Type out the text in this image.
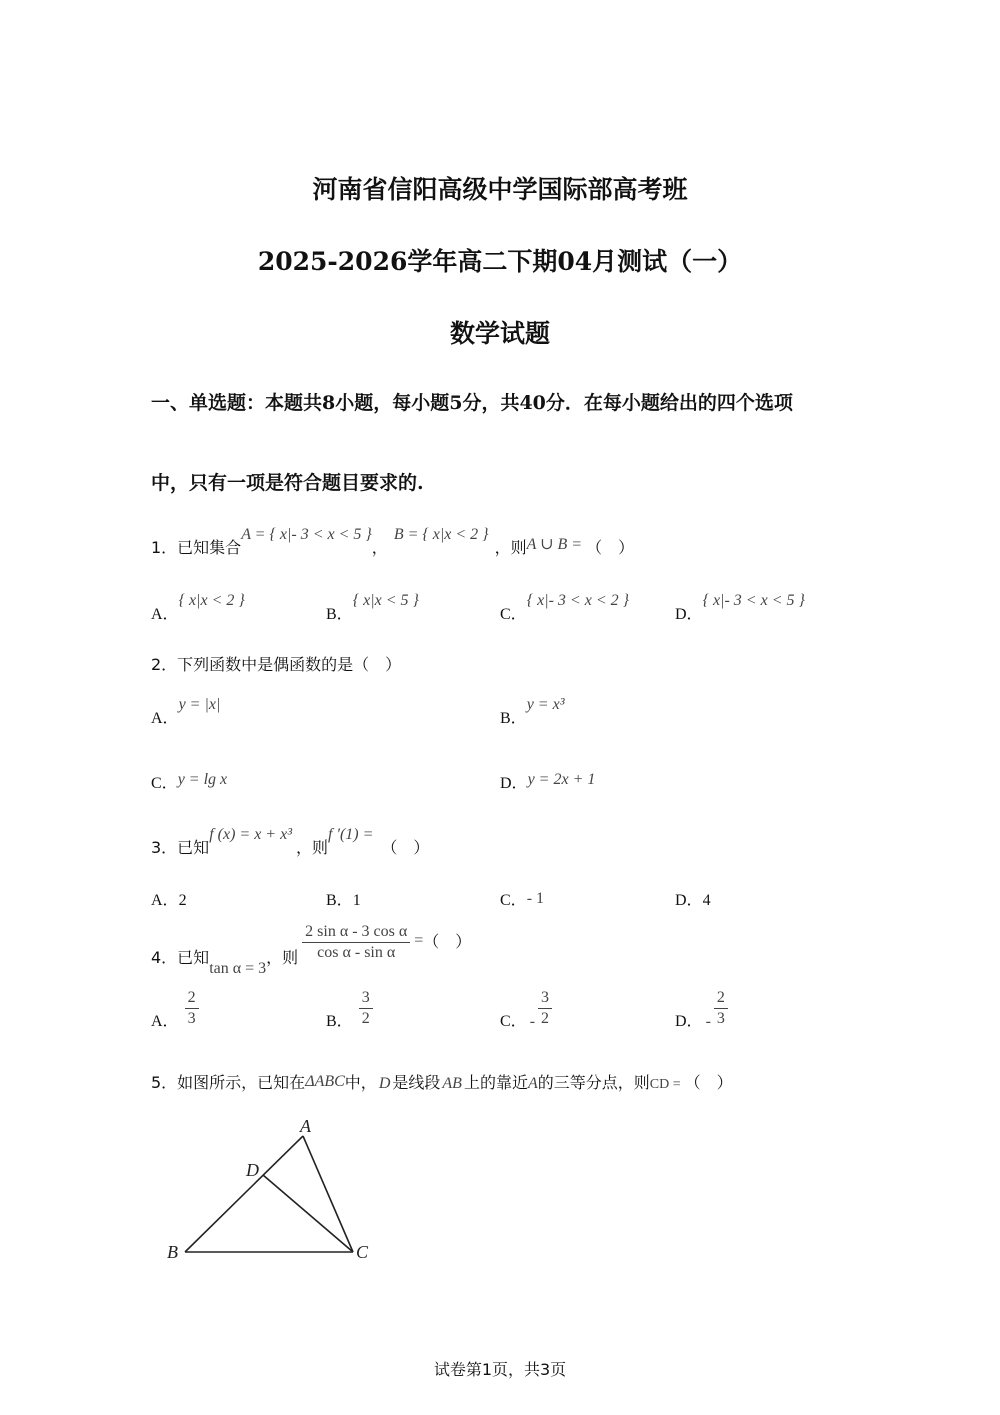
河南省信阳高级中学国际部高考班
2025-2026学年高二下期04月测试（一）
数学试题
一、单选题：本题共8小题，每小题5分，共40分．在每小题给出的四个选项
中，只有一项是符合题目要求的.
1．已知集合A = { x|- 3 < x < 5 }，B = { x|x < 2 }，则A ∪ B = （　）
A．{ x|x < 2 }
B．{ x|x < 5 }
C．{ x|- 3 < x < 2 }
D．{ x|- 3 < x < 5 }
2．下列函数中是偶函数的是（　）
A．y = |x|
B．y = x³
C．y = lg x	D．y = 2x + 1
3．已知f (x) = x + x³，则f ′(1) =（　）
A．2	B．1	C．- 1	D．4
4．已知tan α = 3，则 $\frac{\text{2 sin α - 3 cos α}}{\text{cos α - sin α}}$ =（　）
A． $\frac{2}{3}$	B． $\frac{3}{2}$	C． - $\frac{3}{2}$	D． - $\frac{2}{3}$
5．如图所示，已知在ΔABC中， D 是线段 AB 上的靠近A的三等分点，则CD = （　）
A
D
B	C
试卷第1页，共3页
